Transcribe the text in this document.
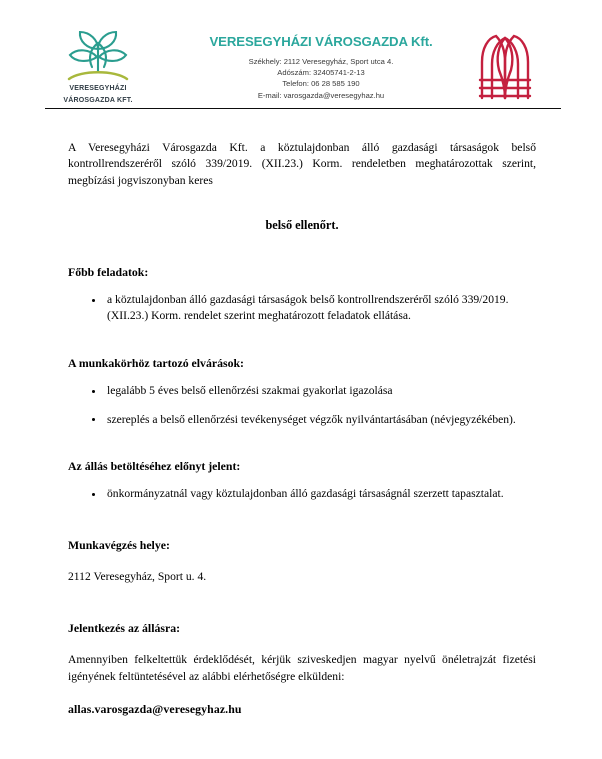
VERESEGYHÁZI
VÁROSGAZDA KFT.
VERESEGYHÁZI VÁROSGAZDA Kft.
Székhely: 2112 Veresegyház, Sport utca 4.
Adószám: 32405741-2-13
Telefon: 06 28 585 190
E-mail: varosgazda@veresegyhaz.hu

A Veresegyházi Városgazda Kft. a köztulajdonban álló gazdasági társaságok belső kontrollrendszeréről szóló 339/2019. (XII.23.) Korm. rendeletben meghatározottak szerint, megbízási jogviszonyban keres

belső ellenőrt.

Főbb feladatok:

a köztulajdonban álló gazdasági társaságok belső kontrollrendszeréről szóló 339/2019. (XII.23.) Korm. rendelet szerint meghatározott feladatok ellátása.

A munkakörhöz tartozó elvárások:

legalább 5 éves belső ellenőrzési szakmai gyakorlat igazolása
szereplés a belső ellenőrzési tevékenységet végzők nyilvántartásában (névjegyzékében).

Az állás betöltéséhez előnyt jelent:

önkormányzatnál vagy köztulajdonban álló gazdasági társaságnál szerzett tapasztalat.

Munkavégzés helye:

2112 Veresegyház, Sport u. 4.

Jelentkezés az állásra:

Amennyiben felkeltettük érdeklődését, kérjük sziveskedjen magyar nyelvű önéletrajzát fizetési igényének feltüntetésével az alábbi elérhetőségre elküldeni:

allas.varosgazda@veresegyhaz.hu
